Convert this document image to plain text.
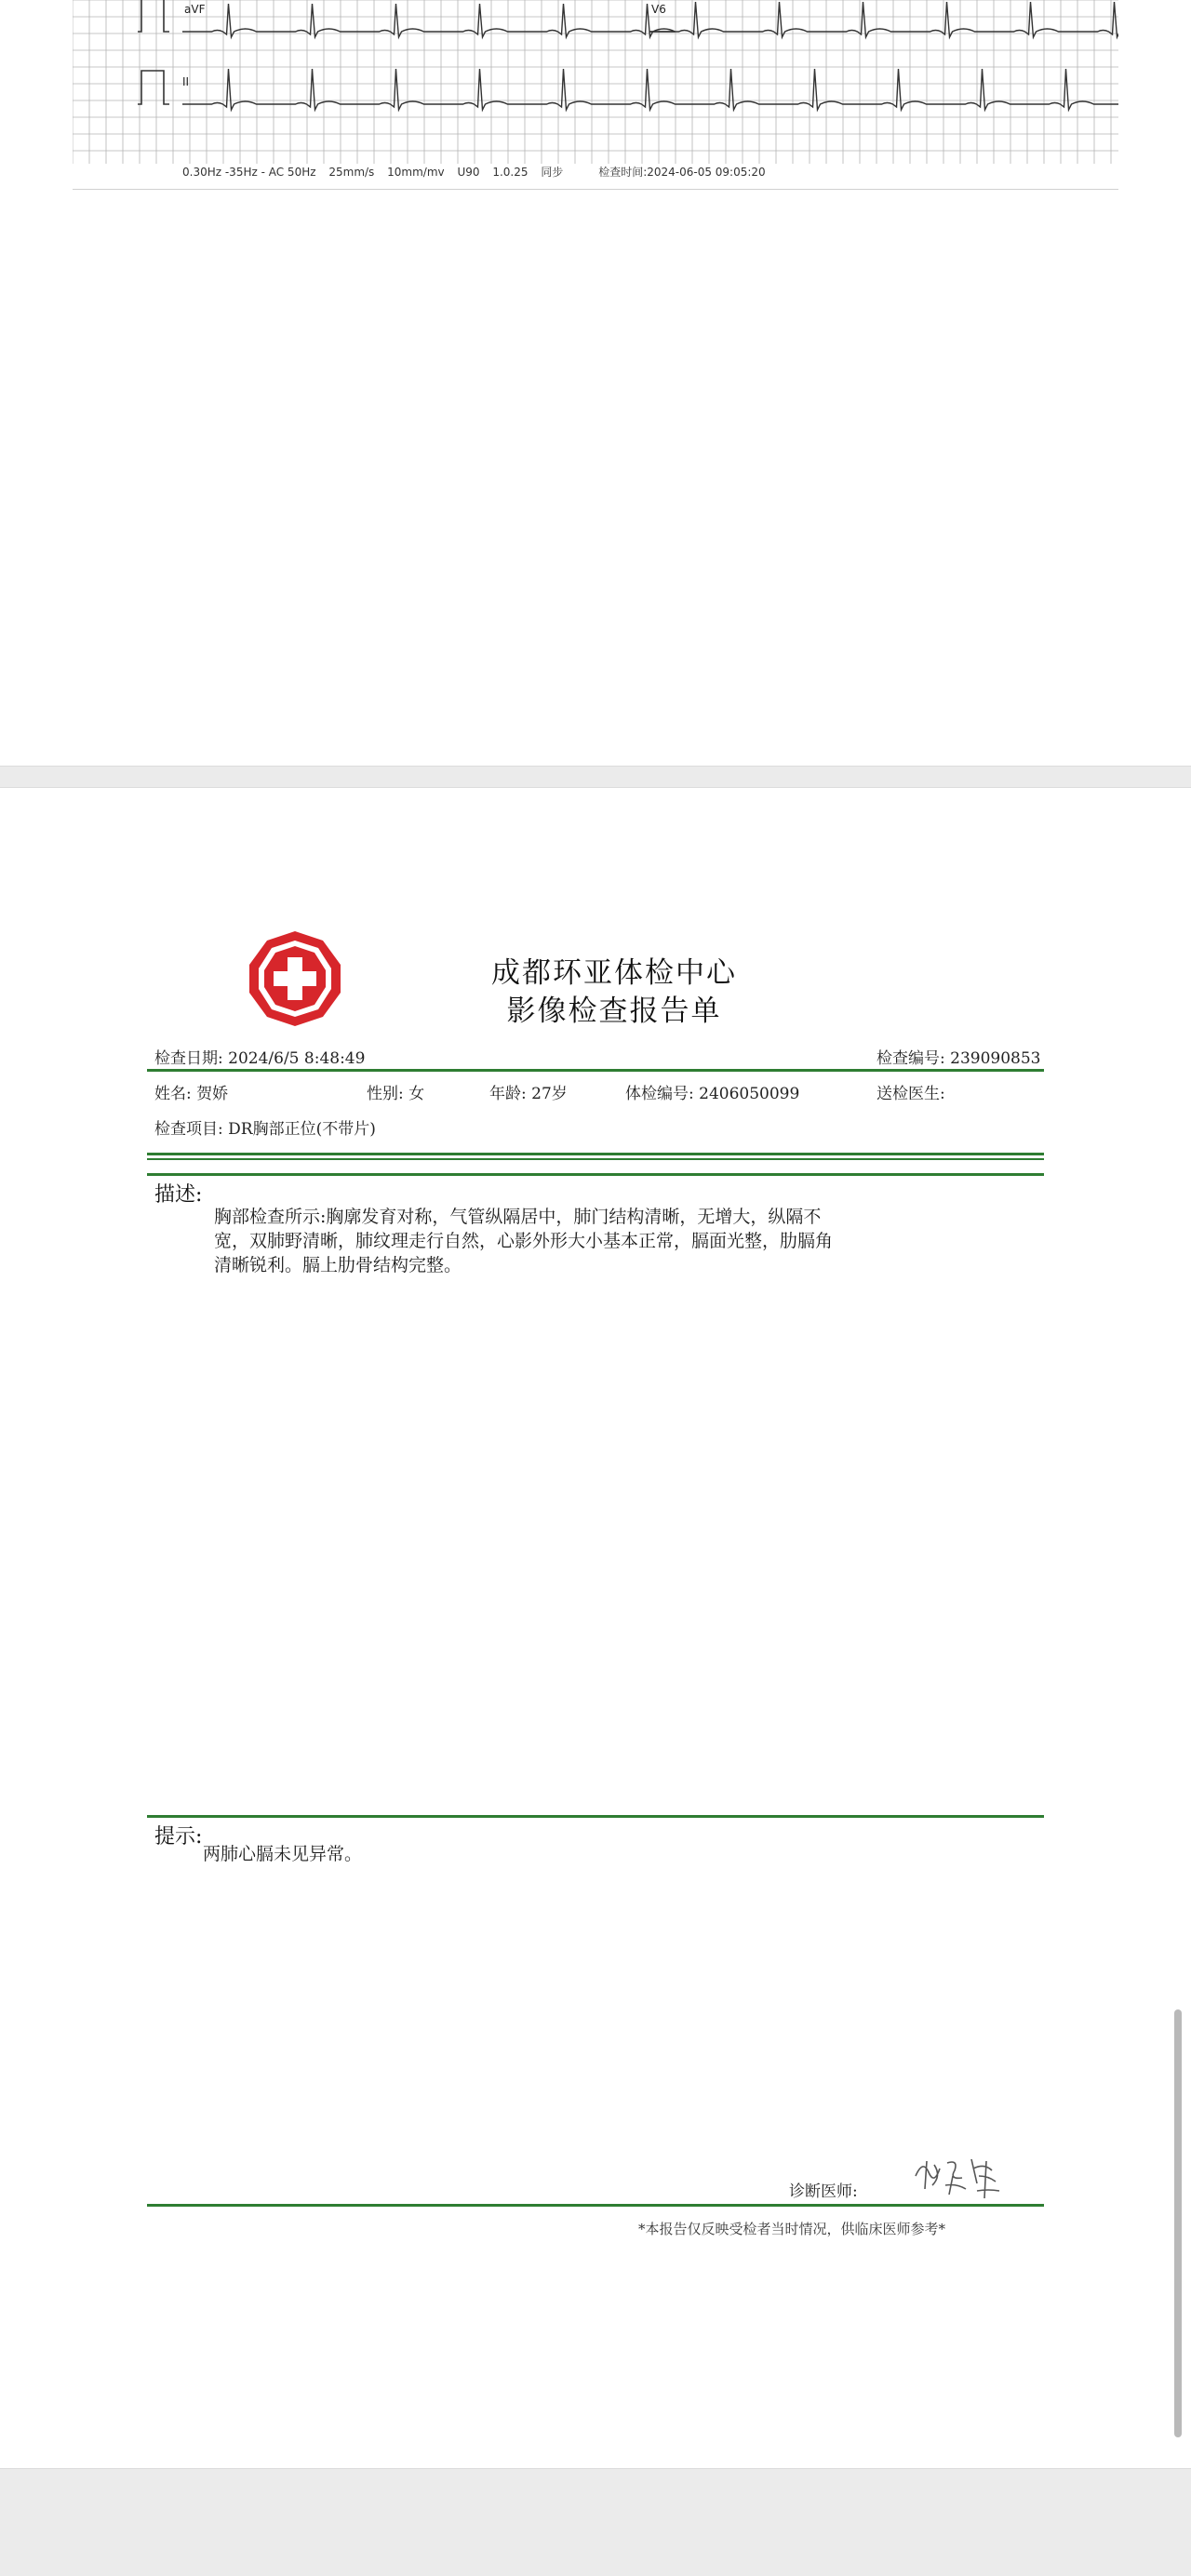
aVF	V6
II
0.30Hz -35Hz - AC 50Hz 25mm/s 10mm/mv U90 1.0.25 同步	检查时间:2024-06-05 09:05:20
成都环亚体检中心
影像检查报告单
检查日期: 2024/6/5 8:48:49	检查编号: 239090853
姓名: 贺娇	性别: 女	年龄: 27岁	体检编号: 2406050099	送检医生:
检查项目: DR胸部正位(不带片)
描述:
胸部检查所示:胸廓发育对称，气管纵隔居中，肺门结构清晰，无增大，纵隔不
宽，双肺野清晰，肺纹理走行自然，心影外形大小基本正常，膈面光整，肋膈角
清晰锐利。膈上肋骨结构完整。
提示:
两肺心膈未见异常。
诊断医师:
*本报告仅反映受检者当时情况，供临床医师参考*
